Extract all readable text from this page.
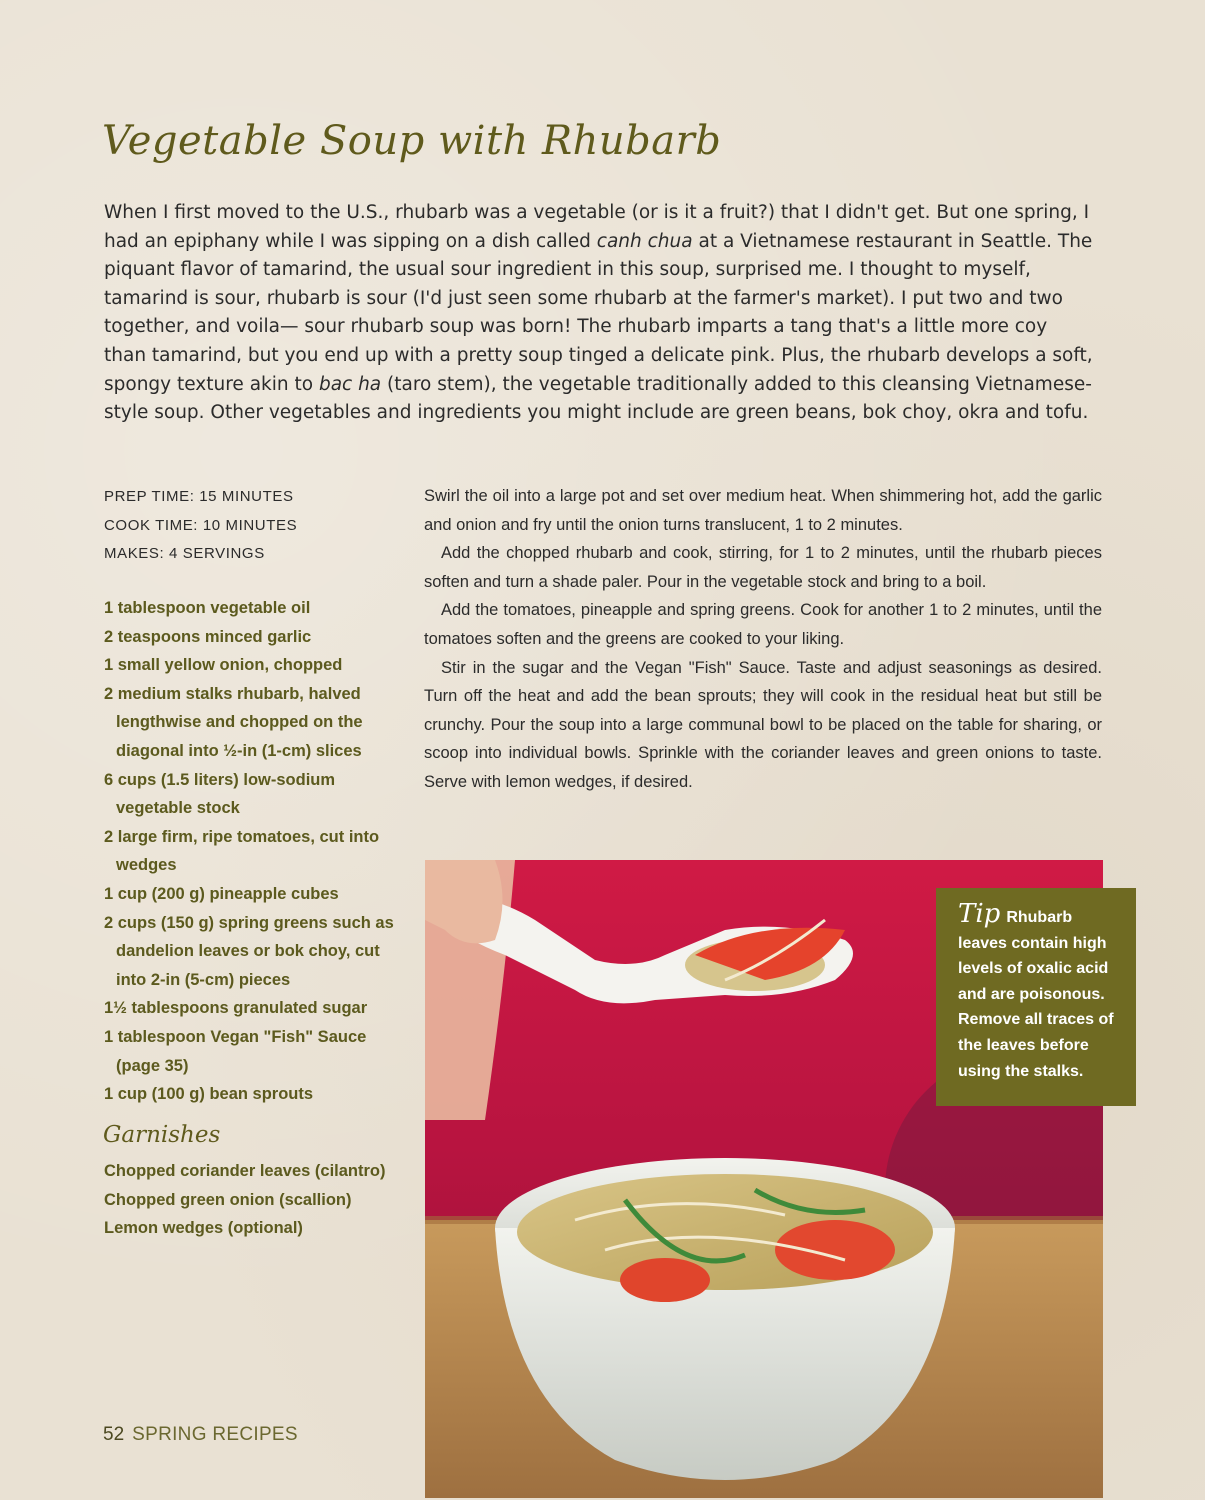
Vegetable Soup with Rhubarb

When I first moved to the U.S., rhubarb was a vegetable (or is it a fruit?) that I didn't get. But one spring, I had an epiphany while I was sipping on a dish called canh chua at a Vietnamese restaurant in Seattle. The piquant flavor of tamarind, the usual sour ingredient in this soup, surprised me. I thought to myself, tamarind is sour, rhubarb is sour (I'd just seen some rhubarb at the farmer's market). I put two and two together, and voila— sour rhubarb soup was born! The rhubarb imparts a tang that's a little more coy than tamarind, but you end up with a pretty soup tinged a delicate pink. Plus, the rhubarb develops a soft, spongy texture akin to bac ha (taro stem), the vegetable traditionally added to this cleansing Vietnamese-style soup. Other vegetables and ingredients you might include are green beans, bok choy, okra and tofu.

PREP TIME: 15 MINUTES
COOK TIME: 10 MINUTES
MAKES: 4 SERVINGS
1 tablespoon vegetable oil
2 teaspoons minced garlic
1 small yellow onion, chopped
2 medium stalks rhubarb, halved lengthwise and chopped on the diagonal into ½-in (1-cm) slices
6 cups (1.5 liters) low-sodium vegetable stock
2 large firm, ripe tomatoes, cut into wedges
1 cup (200 g) pineapple cubes
2 cups (150 g) spring greens such as dandelion leaves or bok choy, cut into 2-in (5-cm) pieces
1½ tablespoons granulated sugar
1 tablespoon Vegan "Fish" Sauce (page 35)
1 cup (100 g) bean sprouts
Garnishes
Chopped coriander leaves (cilantro)
Chopped green onion (scallion)
Lemon wedges (optional)

Swirl the oil into a large pot and set over medium heat. When shimmering hot, add the garlic and onion and fry until the onion turns translucent, 1 to 2 minutes.

Add the chopped rhubarb and cook, stirring, for 1 to 2 minutes, until the rhubarb pieces soften and turn a shade paler. Pour in the vegetable stock and bring to a boil.

Add the tomatoes, pineapple and spring greens. Cook for another 1 to 2 minutes, until the tomatoes soften and the greens are cooked to your liking.

Stir in the sugar and the Vegan "Fish" Sauce. Taste and adjust seasonings as desired. Turn off the heat and add the bean sprouts; they will cook in the residual heat but still be crunchy. Pour the soup into a large communal bowl to be placed on the table for sharing, or scoop into individual bowls. Sprinkle with the coriander leaves and green onions to taste. Serve with lemon wedges, if desired.

Tip Rhubarb leaves contain high levels of oxalic acid and are poisonous. Remove all traces of the leaves before using the stalks.
52 SPRING RECIPES
